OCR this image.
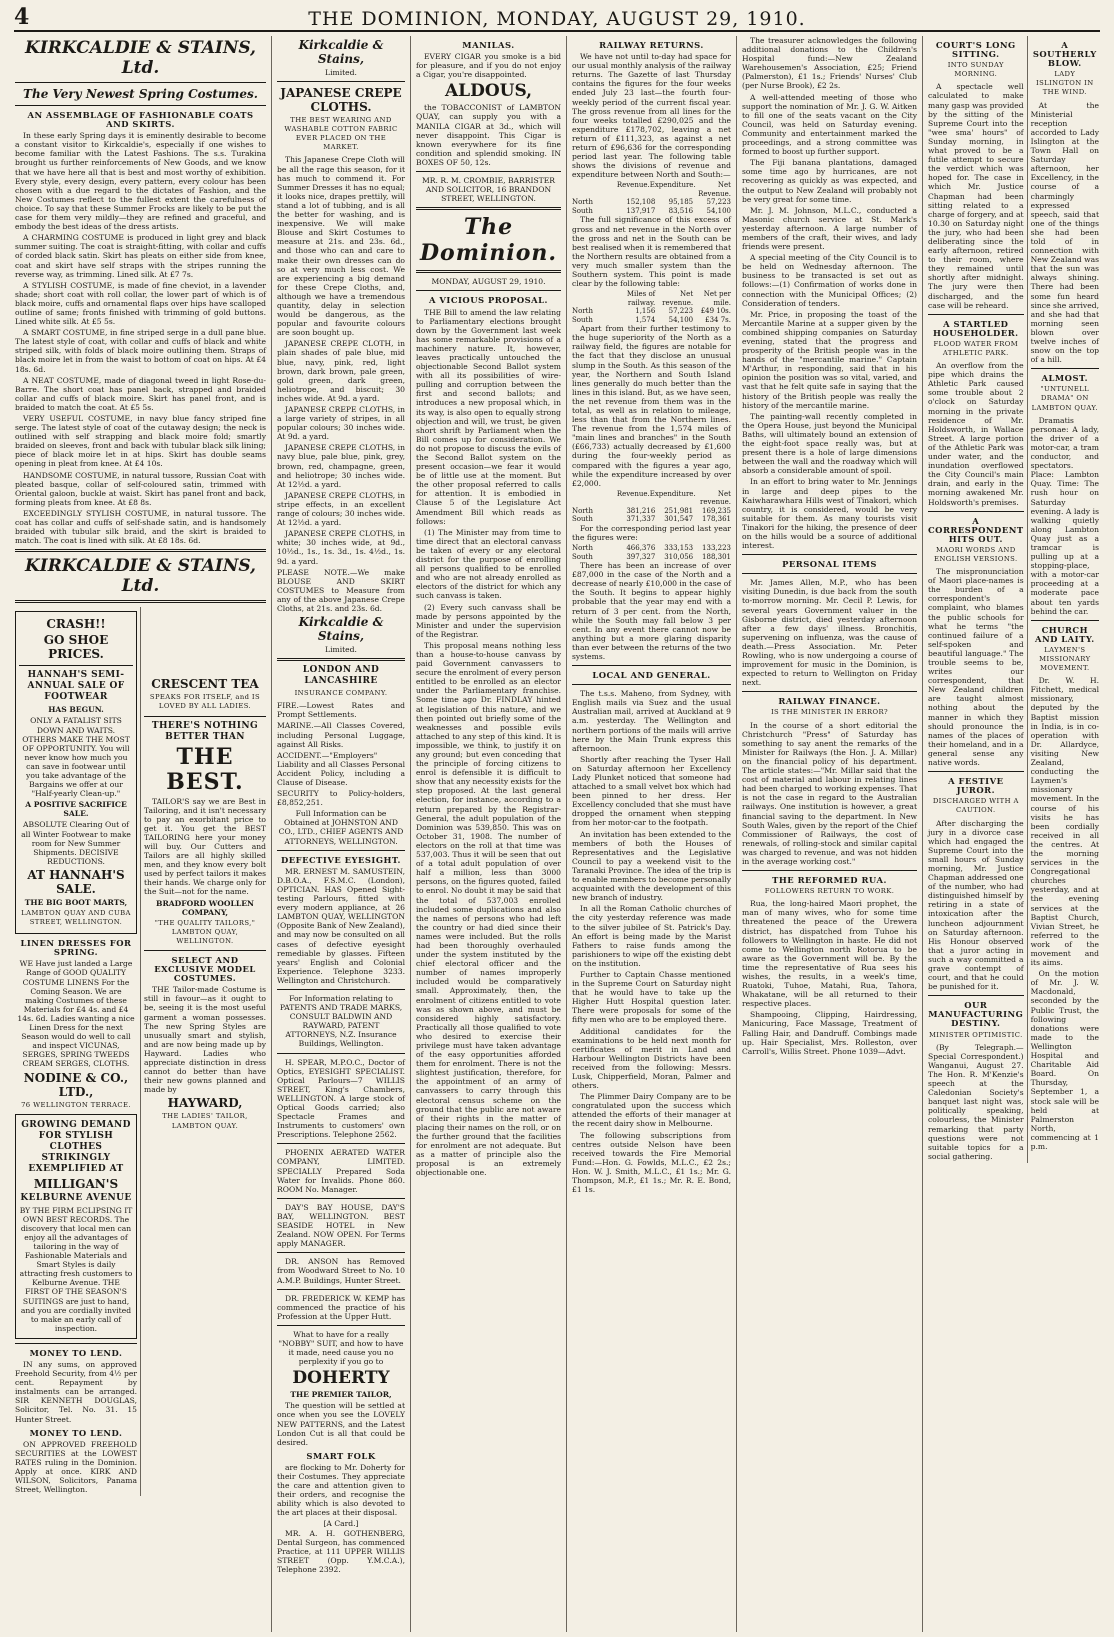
4	THE DOMINION, MONDAY, AUGUST 29, 1910.
KIRKCALDIE & STAINS, Ltd.
The Very Newest Spring Costumes.
AN ASSEMBLAGE OF FASHIONABLE COATS AND SKIRTS.

In these early Spring days it is eminently desirable to become a constant visitor to Kirkcaldie's, especially if one wishes to become familiar with the Latest Fashions. The s.s. Turakina brought us further reinforcements of New Goods, and we know that we have here all that is best and most worthy of exhibition. Every style, every design, every pattern, every colour has been chosen with a due regard to the dictates of Fashion, and the New Costumes reflect to the fullest extent the carefulness of choice. To say that these Summer Frocks are likely to be put the case for them very mildly—they are refined and graceful, and embody the best ideas of the dress artists.

A CHARMING COSTUME is produced in light grey and black summer suiting. The coat is straight-fitting, with collar and cuffs of corded black satin. Skirt has pleats on either side from knee, coat and skirt have self straps with the stripes running the reverse way, as trimming. Lined silk. At £7 7s.

A STYLISH COSTUME, is made of fine cheviot, in a lavender shade; short coat with roll collar, the lower part of which is of black moire, cuffs and ornamental flaps over hips have scalloped outline of same; fronts finished with trimming of gold buttons. Lined white silk. At £5 5s.

A SMART COSTUME, in fine striped serge in a dull pane blue. The latest style of coat, with collar and cuffs of black and white striped silk, with folds of black moire outlining them. Straps of black moire let in from the waist to bottom of coat on hips. At £4 18s. 6d.

A NEAT COSTUME, made of diagonal tweed in light Rose-du-Barre. The short coat has panel back, strapped and braided collar and cuffs of black moire. Skirt has panel front, and is braided to match the coat. At £5 5s.

VERY USEFUL COSTUME, in navy blue fancy striped fine serge. The latest style of coat of the cutaway design; the neck is outlined with self strapping and black moire fold; smartly braided on sleeves, front and back with tubular black silk lining; piece of black moire let in at hips. Skirt has double seams opening in pleat from knee. At £4 10s.

HANDSOME COSTUME, in natural tussore, Russian Coat with pleated basque, collar of self-coloured satin, trimmed with Oriental galoon, buckle at waist. Skirt has panel front and back, forming pleats from knee. At £8 8s.

EXCEEDINGLY STYLISH COSTUME, in natural tussore. The coat has collar and cuffs of self-shade satin, and is handsomely braided with tubular silk braid, and the skirt is braided to match. The coat is lined with silk. At £8 18s. 6d.

KIRKCALDIE & STAINS, Ltd.
CRASH!!
GO SHOE PRICES.
HANNAH'S SEMI-ANNUAL SALE OF FOOTWEAR
HAS BEGUN.

ONLY A FATALIST SITS DOWN AND WAITS. OTHERS MAKE THE MOST OF OPPORTUNITY. You will never know how much you can save in footwear until you take advantage of the Bargains we offer at our "Half-yearly Clean-up."

A POSITIVE SACRIFICE SALE.

ABSOLUTE Clearing Out of all Winter Footwear to make room for New Summer Shipments. DECISIVE REDUCTIONS.

AT HANNAH'S SALE.
THE BIG BOOT MARTS,
LAMBTON QUAY AND CUBA STREET, WELLINGTON.
LINEN DRESSES FOR SPRING.

WE Have just landed a Large Range of GOOD QUALITY COSTUME LINENS For the Coming Season. We are making Costumes of these Materials for £4 4s. and £4 14s. 6d. Ladies wanting a nice Linen Dress for the next Season would do well to call and inspect VICUNAS, SERGES, SPRING TWEEDS CREAM SERGES, CLOTHS.

NODINE & CO., LTD.,
76 WELLINGTON TERRACE.
GROWING DEMAND FOR STYLISH CLOTHES STRIKINGLY EXEMPLIFIED AT
MILLIGAN'S
KELBURNE AVENUE

BY THE FIRM ECLIPSING IT OWN BEST RECORDS. The discovery that local men can enjoy all the advantages of tailoring in the way of Fashionable Materials and Smart Styles is daily attracting fresh customers to Kelburne Avenue. THE FIRST OF THE SEASON'S SUITINGS are just to hand, and you are cordially invited to make an early call of inspection.

MONEY TO LEND.

IN any sums, on approved Freehold Security, from 4½ per cent. Repayment by instalments can be arranged. SIR KENNETH DOUGLAS, Solicitor, Tel. No. 31. 15 Hunter Street.

MONEY TO LEND.

ON APPROVED FREEHOLD SECURITIES at the LOWEST RATES ruling in the Dominion. Apply at once. KIRK AND WILSON, Solicitors, Panama Street, Wellington.

CRESCENT TEA
SPEAKS FOR ITSELF, and IS LOVED BY ALL LADIES.
THERE'S NOTHING BETTER THAN
THE BEST.

TAILOR'S say we are Best in Tailoring, and it isn't necessary to pay an exorbitant price to get it. You get the BEST TAILORING here your money will buy. Our Cutters and Tailors are all highly skilled men, and they know every bolt used by perfect tailors it makes their hands. We charge only for the Suit—not for the name.

BRADFORD WOOLLEN COMPANY,
"THE QUALITY TAILORS," LAMBTON QUAY, WELLINGTON.
SELECT AND EXCLUSIVE MODEL COSTUMES.

THE Tailor-made Costume is still in favour—as it ought to be, seeing it is the most useful garment a woman possesses. The new Spring Styles are unusually smart and stylish, and are now being made up by Hayward. Ladies who appreciate distinction in dress cannot do better than have their new gowns planned and made by

HAYWARD,
THE LADIES' TAILOR, LAMBTON QUAY.
Kirkcaldie & Stains,
Limited.
JAPANESE CREPE CLOTHS.
THE BEST WEARING AND WASHABLE COTTON FABRIC EVER PLACED ON THE MARKET.

This Japanese Crepe Cloth will be all the rage this season, for it has much to commend it. For Summer Dresses it has no equal; it looks nice, drapes prettily, will stand a lot of tubbing, and is all the better for washing, and is inexpensive. We will make Blouse and Skirt Costumes to measure at 21s. and 23s. 6d., and those who can and care to make their own dresses can do so at very much less cost. We are experiencing a big demand for these Crepe Cloths, and, although we have a tremendous quantity, delay in selection would be dangerous, as the popular and favourite colours are soon bought up.

JAPANESE CREPE CLOTH, in plain shades of pale blue, mid blue, navy, pink, red, light brown, dark brown, pale green, gold green, dark green, heliotrope, and biscuit; 30 inches wide. At 9d. a yard.

JAPANESE CREPE CLOTHS, in a large variety of stripes, in all popular colours; 30 inches wide. At 9d. a yard.

JAPANESE CREPE CLOTHS, in navy blue, pale blue, pink, grey, brown, red, champagne, green, and heliotrope; 30 inches wide. At 12½d. a yard.

JAPANESE CREPE CLOTHS, in stripe effects, in an excellent range of colours; 30 inches wide. At 12½d. a yard.

JAPANESE CREPE CLOTHS, in white; 30 inches wide, at 9d., 10½d., 1s., 1s. 3d., 1s. 4½d., 1s. 9d. a yard.

PLEASE NOTE.—We make BLOUSE AND SKIRT COSTUMES to Measure from any of the above Japanese Crepe Cloths, at 21s. and 23s. 6d.

Kirkcaldie & Stains,
Limited.
LONDON AND LANCASHIRE
INSURANCE COMPANY.

FIRE.—Lowest Rates and Prompt Settlements.

MARINE.—All Classes Covered, including Personal Luggage, against All Risks.

ACCIDENT.—"Employers" Liability and all Classes Personal Accident Policy, including a Clause of Disease.

SECURITY to Policy-holders, £8,852,251.

Full Information can be Obtained at JOHNSTON AND CO., LTD., CHIEF AGENTS AND ATTORNEYS, WELLINGTON.

DEFECTIVE EYESIGHT.

MR. ERNEST M. SAMUSTEIN, D.B.O.A., F.S.M.C. (London), OPTICIAN. HAS Opened Sight-testing Parlours, fitted with every modern appliance, at 26 LAMBTON QUAY, WELLINGTON (Opposite Bank of New Zealand), and may now be consulted on all cases of defective eyesight remediable by glasses. Fifteen years' English and Colonial Experience. Telephone 3233. Wellington and Christchurch.

For Information relating to PATENTS AND TRADE MARKS, CONSULT BALDWIN AND RAYWARD, PATENT ATTORNEYS, N.Z. Insurance Buildings, Wellington.

H. SPEAR, M.P.O.C., Doctor of Optics, EYESIGHT SPECIALIST. Optical Parlours—7 WILLIS STREET, King's Chambers, WELLINGTON. A large stock of Optical Goods carried; also Spectacle Frames and Instruments to customers' own Prescriptions. Telephone 2562.

PHOENIX AERATED WATER COMPANY, LIMITED. SPECIALLY Prepared Soda Water for Invalids. Phone 860. ROOM No. Manager.

DAY'S BAY HOUSE, DAY'S BAY, WELLINGTON. BEST SEASIDE HOTEL in New Zealand. NOW OPEN. For Terms apply MANAGER.

DR. ANSON has Removed from Woodward Street to No. 10 A.M.P. Buildings, Hunter Street.

DR. FREDERICK W. KEMP has commenced the practice of his Profession at the Upper Hutt.

What to have for a really "NOBBY" SUIT, and how to have it made, need cause you no perplexity if you go to

DOHERTY
THE PREMIER TAILOR,

The question will be settled at once when you see the LOVELY NEW PATTERNS, and the Latest London Cut is all that could be desired.

SMART FOLK

are flocking to Mr. Doherty for their Costumes. They appreciate the care and attention given to their orders, and recognise the ability which is also devoted to the art places at their disposal.

[A Card.]

MR. A. H. GOTHENBERG, Dental Surgeon, has commenced Practice, at 111 UPPER WILLIS STREET (Opp. Y.M.C.A.), Telephone 2392.

MANILAS.

EVERY CIGAR you smoke is a bid for pleasure, and if you do not enjoy a Cigar, you're disappointed.

ALDOUS,

the TOBACCONIST of LAMBTON QUAY, can supply you with a MANILA CIGAR at 3d., which will never disappoint. This Cigar is known everywhere for its fine condition and splendid smoking. IN BOXES OF 50, 12s.

MR. R. M. CROMBIE, BARRISTER AND SOLICITOR, 16 BRANDON STREET, WELLINGTON.

The Dominion.
MONDAY, AUGUST 29, 1910.
A VICIOUS PROPOSAL.

THE Bill to amend the law relating to Parliamentary elections brought down by the Government last week has some remarkable provisions of a machinery nature. It, however, leaves practically untouched the objectionable Second Ballot system with all its possibilities of wire-pulling and corruption between the first and second ballots; and introduces a new proposal which, in its way, is also open to equally strong objection and will, we trust, be given short shrift by Parliament when the Bill comes up for consideration. We do not propose to discuss the evils of the Second Ballot system on the present occasion—we fear it would be of little use at the moment. But the other proposal referred to calls for attention. It is embodied in Clause 5 of the Legislature Act Amendment Bill which reads as follows:

(1) The Minister may from time to time direct that an electoral canvass be taken of every or any electoral district for the purpose of enrolling all persons qualified to be enrolled and who are not already enrolled as electors of the district for which any such canvass is taken.

(2) Every such canvass shall be made by persons appointed by the Minister and under the supervision of the Registrar.

This proposal means nothing less than a house-to-house canvass by paid Government canvassers to secure the enrolment of every person entitled to be enrolled as an elector under the Parliamentary franchise. Some time ago Dr. FINDLAY hinted at legislation of this nature, and we then pointed out briefly some of the weaknesses and possible evils attached to any step of this kind. It is impossible, we think, to justify it on any ground; but even conceding that the principle of forcing citizens to enrol is defensible it is difficult to show that any necessity exists for the step proposed. At the last general election, for instance, according to a return prepared by the Registrar-General, the adult population of the Dominion was 539,850. This was on October 31, 1908. The number of electors on the roll at that time was 537,003. Thus it will be seen that out of a total adult population of over half a million, less than 3000 persons, on the figures quoted, failed to enrol. No doubt it may be said that the total of 537,003 enrolled included some duplications and also the names of persons who had left the country or had died since their names were included. But the rolls had been thoroughly overhauled under the system instituted by the chief electoral officer and the number of names improperly included would be comparatively small. Approximately, then, the enrolment of citizens entitled to vote was as shown above, and must be considered highly satisfactory. Practically all those qualified to vote who desired to exercise their privilege must have taken advantage of the easy opportunities afforded them for enrolment. There is not the slightest justification, therefore, for the appointment of an army of canvassers to carry through this electoral census scheme on the ground that the public are not aware of their rights in the matter of placing their names on the roll, or on the further ground that the facilities for enrolment are not adequate. But as a matter of principle also the proposal is an extremely objectionable one.

RAILWAY RETURNS.

We have not until to-day had space for our usual monthly analysis of the railway returns. The Gazette of last Thursday contains the figures for the four weeks ended July 23 last—the fourth four-weekly period of the current fiscal year. The gross revenue from all lines for the four weeks totalled £290,025 and the expenditure £178,702, leaving a net return of £111,323, as against a net return of £96,636 for the corresponding period last year. The following table shows the divisions of revenue and expenditure between North and South:—

Revenue. Expenditure.	Net Revenue.
North	152,108	95,185	57,223
South	137,917	83,516	54,100

The full significance of this excess of gross and net revenue in the North over the gross and net in the South can be best realised when it is remembered that the Northern results are obtained from a very much smaller system than the Southern system. This point is made clear by the following table:

Miles of railway.
Net revenue.
Net per mile.
North	1,156	57,223	£49 10s.
South	1,574	54,100	£34 7s.

Apart from their further testimony to the huge superiority of the North as a railway field, the figures are notable for the fact that they disclose an unusual slump in the South. As this season of the year, the Northern and South Island lines generally do much better than the lines in this island. But, as we have seen, the net revenue from them was in the total, as well as in relation to mileage, less than that from the Northern lines. The revenue from the 1,574 miles of "main lines and branches" in the South (£66,733) actually decreased by £1,600 during the four-weekly period as compared with the figures a year ago, while the expenditure increased by over £2,000.

Revenue. Expenditure.	Net revenue.
North	381,216	251,981	169,235
South	371,337	301,547	178,361

For the corresponding period last year the figures were:

North	466,376	333,153	133,223
South	397,327	310,056	188,301

There has been an increase of over £87,000 in the case of the North and a decrease of nearly £10,000 in the case of the South. It begins to appear highly probable that the year may end with a return of 3 per cent. from the North, while the South may fall below 3 per cent. In any event there cannot now be anything but a more glaring disparity than ever between the returns of the two systems.

LOCAL AND GENERAL.

The t.s.s. Maheno, from Sydney, with English mails via Suez and the usual Australian mail, arrived at Auckland at 9 a.m. yesterday. The Wellington and northern portions of the mails will arrive here by the Main Trunk express this afternoon.

Shortly after reaching the Tyser Hall on Saturday afternoon her Excellency Lady Plunket noticed that someone had attached to a small velvet box which had been pinned to her dress. Her Excellency concluded that she must have dropped the ornament when stepping from her motor-car to the footpath.

An invitation has been extended to the members of both the Houses of Representatives and the Legislative Council to pay a weekend visit to the Taranaki Province. The idea of the trip is to enable members to become personally acquainted with the development of this new branch of industry.

In all the Roman Catholic churches of the city yesterday reference was made to the silver jubilee of St. Patrick's Day. An effort is being made by the Marist Fathers to raise funds among the parishioners to wipe off the existing debt on the institution.

Further to Captain Chasse mentioned in the Supreme Court on Saturday night that he would have to take up the Higher Hutt Hospital question later. There were proposals for some of the fifty men who are to be employed there.

Additional candidates for the examinations to be held next month for certificates of merit in Land and Harbour Wellington Districts have been received from the following: Messrs. Lusk, Chipperfield, Moran, Palmer and others.

The Plimmer Dairy Company are to be congratulated upon the success which attended the efforts of their manager at the recent dairy show in Melbourne.

The following subscriptions from centres outside Nelson have been received towards the Fire Memorial Fund:—Hon. G. Fowlds, M.L.C., £2 2s.; Hon. W. J. Smith, M.L.C., £1 1s.; Mr. G. Thompson, M.P., £1 1s.; Mr. R. E. Bond, £1 1s.

The treasurer acknowledges the following additional donations to the Children's Hospital fund:—New Zealand Warehousemen's Association, £25; Friend (Palmerston), £1 1s.; Friends' Nurses' Club (per Nurse Brook), £2 2s.

A well-attended meeting of those who support the nomination of Mr. J. G. W. Aitken to fill one of the seats vacant on the City Council, was held on Saturday evening. Community and entertainment marked the proceedings, and a strong committee was formed to boost up further support.

The Fiji banana plantations, damaged some time ago by hurricanes, are not recovering as quickly as was expected, and the output to New Zealand will probably not be very great for some time.

Mr. J. M. Johnson, M.L.C., conducted a Masonic church service at St. Mark's yesterday afternoon. A large number of members of the craft, their wives, and lady friends were present.

A special meeting of the City Council is to be held on Wednesday afternoon. The business to be transacted is set out as follows:—(1) Confirmation of works done in connection with the Municipal Offices; (2) Consideration of tenders.

Mr. Price, in proposing the toast of the Mercantile Marine at a supper given by the combined shipping companies on Saturday evening, stated that the progress and prosperity of the British people was in the hands of the "mercantile marine." Captain M'Arthur, in responding, said that in his opinion the position was so vital, varied, and vast that he felt quite safe in saying that the history of the British people was really the history of the mercantile marine.

The painting-wall recently completed in the Opera House, just beyond the Municipal Baths, will ultimately bound an extension of the eight-foot space really was, but at present there is a hole of large dimensions between the wall and the roadway which will absorb a considerable amount of spoil.

In an effort to bring water to Mr. Jennings in large and deep pipes to the Kaiwharawhara Hills west of Tinakori, which country, it is considered, would be very suitable for them. As many tourists visit Tinakori for the hiking, the presence of deer on the hills would be a source of additional interest.

PERSONAL ITEMS

Mr. James Allen, M.P., who has been visiting Dunedin, is due back from the south to-morrow morning. Mr. Cecil P. Lewis, for several years Government valuer in the Gisborne district, died yesterday afternoon after a few days' illness. Bronchitis, supervening on influenza, was the cause of death.—Press Association. Mr. Peter Rowling, who is now undergoing a course of improvement for music in the Dominion, is expected to return to Wellington on Friday next.

RAILWAY FINANCE.
IS THE MINISTER IN ERROR?

In the course of a short editorial the Christchurch "Press" of Saturday has something to say anent the remarks of the Minister for Railways (the Hon. J. A. Millar) on the financial policy of his department. The article states:—"Mr. Millar said that the cost of material and labour in relating lines had been charged to working expenses. That is not the case in regard to the Australian railways. One institution is however, a great financial saving to the department. In New South Wales, given by the report of the Chief Commissioner of Railways, the cost of renewals, of rolling-stock and similar capital was charged to revenue, and was not hidden in the average working cost."

THE REFORMED RUA.
FOLLOWERS RETURN TO WORK.

Rua, the long-haired Maori prophet, the man of many wives, who for some time threatened the peace of the Urewera district, has dispatched from Tuhoe his followers to Wellington in haste. He did not come to Wellington north Rotorua to be aware as the Government will be. By the time the representative of Rua sees his wishes, the results, in a week's time, Ruatoki, Tuhoe, Matahi, Rua, Tahora, Whakatane, will be all returned to their respective places.

Shampooing, Clipping, Hairdressing, Manicuring, Face Massage, Treatment of Falling Hair, and Dandruff. Combings made up. Hair Specialist, Mrs. Rolleston, over Carroll's, Willis Street. Phone 1039—Advt.

COURT'S LONG SITTING.
INTO SUNDAY MORNING.

A spectacle well calculated to make many gasp was provided by the sitting of the Supreme Court into the "wee sma' hours" of Sunday morning, in what proved to be a futile attempt to secure the verdict which was hoped for. The case in which Mr. Justice Chapman had been sitting related to a charge of forgery, and at 10.30 on Saturday night the jury, who had been deliberating since the early afternoon, retired to their room, where they remained until shortly after midnight. The jury were then discharged, and the case will be reheard.

A STARTLED HOUSEHOLDER.
FLOOD WATER FROM ATHLETIC PARK.

An overflow from the pipe which drains the Athletic Park caused some trouble about 2 o'clock on Saturday morning in the private residence of Mr. Holdsworth, in Wallace Street. A large portion of the Athletic Park was under water, and the inundation overflowed the City Council's main drain, and early in the morning awakened Mr. Holdsworth's premises.

A CORRESPONDENT HITS OUT.
MAORI WORDS AND ENGLISH VERSIONS.

The mispronunciation of Maori place-names is the burden of a correspondent's complaint, who blames the public schools for what he terms "the continued failure of a self-spoken and beautiful language." The trouble seems to be, writes our correspondent, that New Zealand children are taught almost nothing about the manner in which they should pronounce the names of the places of their homeland, and in a general sense any native words.

A FESTIVE JUROR.
DISCHARGED WITH A CAUTION.

After discharging the jury in a divorce case which had engaged the Supreme Court into the small hours of Sunday morning, Mr. Justice Chapman addressed one of the number, who had distinguished himself by retiring in a state of intoxication after the luncheon adjournment on Saturday afternoon. His Honour observed that a juror acting in such a way committed a grave contempt of court, and that he could be punished for it.

OUR MANUFACTURING DESTINY.
MINISTER OPTIMISTIC.

(By Telegraph.—Special Correspondent.) Wanganui, August 27. The Hon. R. M'Kenzie's speech at the Caledonian Society's banquet last night was, politically speaking, colourless, the Minister remarking that party questions were not suitable topics for a social gathering.

A SOUTHERLY BLOW.
LADY ISLINGTON IN THE WIND.

At the Ministerial reception accorded to Lady Islington at the Town Hall on Saturday afternoon, her Excellency, in the course of a charmingly expressed speech, said that one of the things she had been told of in connection with New Zealand was that the sun was always shining. There had been some fun heard since she arrived, and she had that morning seen blown over twelve inches of snow on the top of a hill.

ALMOST.
"UNTUNELL DRAMA" ON LAMBTON QUAY.

Dramatis personae: A lady, the driver of a motor-car, a tram conductor, and spectators. Place: Lambton Quay. Time: The rush hour on Saturday evening. A lady is walking quietly along Lambton Quay just as a tramcar is pulling up at a stopping-place, with a motor-car proceeding at a moderate pace about ten yards behind the car.

CHURCH AND LAITY.
LAYMEN'S MISSIONARY MOVEMENT.

Dr. W. H. Fitchett, medical missionary, deputed by the Baptist mission in India, is in co-operation with Dr. Allardyce, visiting New Zealand, conducting the Laymen's missionary movement. In the course of his visits he has been cordially received in all the centres. At the morning services in the Congregational churches yesterday, and at the evening services at the Baptist Church, Vivian Street, he referred to the work of the movement and its aims.

On the motion of Mr. J. W. Macdonald, seconded by the Public Trust, the following donations were made to the Wellington Hospital and Charitable Aid Board. On Thursday, September 1, a stock sale will be held at Palmerston North, commencing at 1 p.m.
